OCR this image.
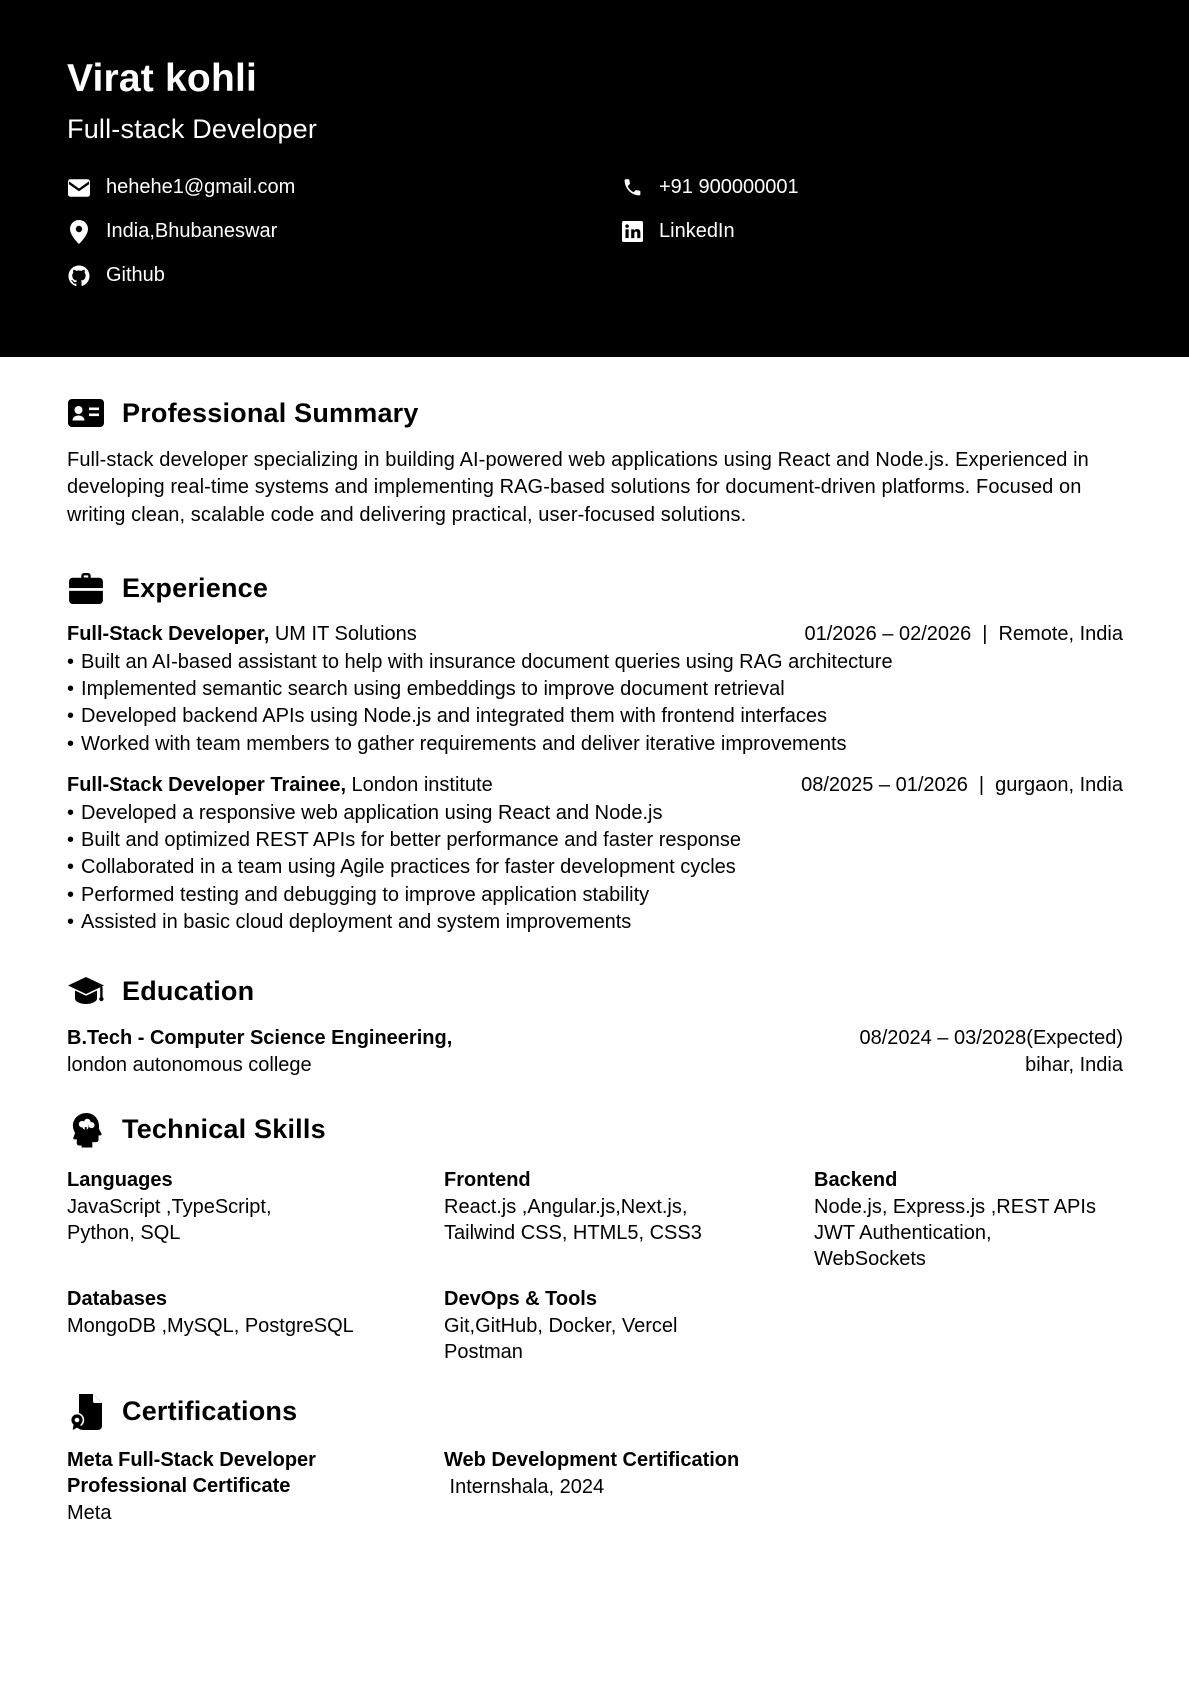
Virat kohli
Full-stack Developer
hehehe1@gmail.com	+91 900000001
India,Bhubaneswar	LinkedIn
Github
Professional Summary

Full-stack developer specializing in building AI-powered web applications using React and Node.js. Experienced in developing real-time systems and implementing RAG-based solutions for document-driven platforms. Focused on writing clean, scalable code and delivering practical, user-focused solutions.

Experience
Full-Stack Developer, UM IT Solutions	01/2026 – 02/2026 | Remote, India
• Built an AI-based assistant to help with insurance document queries using RAG architecture
• Implemented semantic search using embeddings to improve document retrieval
• Developed backend APIs using Node.js and integrated them with frontend interfaces
• Worked with team members to gather requirements and deliver iterative improvements
Full-Stack Developer Trainee, London institute	08/2025 – 01/2026 | gurgaon, India
• Developed a responsive web application using React and Node.js
• Built and optimized REST APIs for better performance and faster response
• Collaborated in a team using Agile practices for faster development cycles
• Performed testing and debugging to improve application stability
• Assisted in basic cloud deployment and system improvements
Education
B.Tech - Computer Science Engineering,
london autonomous college
08/2024 – 03/2028(Expected)
bihar, India
Technical Skills
Languages
JavaScript ,TypeScript,
Python, SQL
Frontend
React.js ,Angular.js,Next.js,
Tailwind CSS, HTML5, CSS3
Backend
Node.js, Express.js ,REST APIs
JWT Authentication,
WebSockets
Databases
MongoDB ,MySQL, PostgreSQL
DevOps & Tools
Git,GitHub, Docker, Vercel
Postman
Certifications
Meta Full-Stack Developer Professional Certificate
Meta
Web Development Certification
Internshala, 2024
